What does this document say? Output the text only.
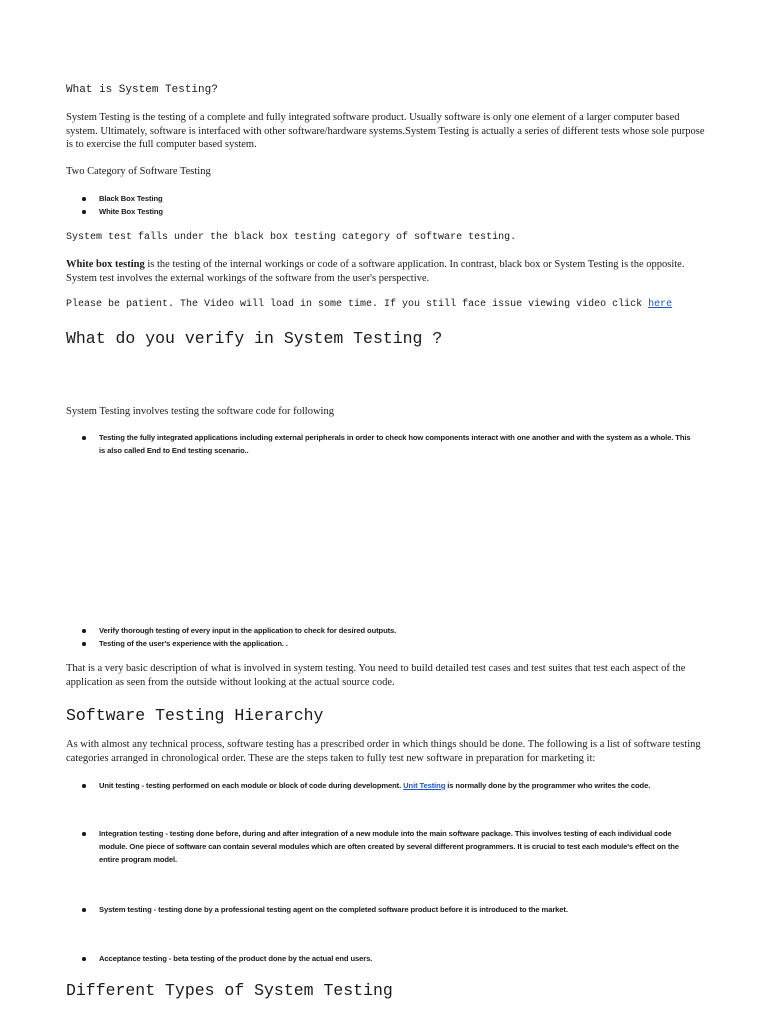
What is System Testing?
System Testing is the testing of a complete and fully integrated software product. Usually software is only one element of a larger computer based system. Ultimately, software is interfaced with other software/hardware systems.System Testing is actually a series of different tests whose sole purpose is to exercise the full computer based system.
Two Category of Software Testing
Black Box Testing
White Box Testing
System test falls under the black box testing category of software testing.
White box testing is the testing of the internal workings or code of a software application. In contrast, black box or System Testing is the opposite. System test involves the external workings of the software from the user's perspective.
Please be patient. The Video will load in some time. If you still face issue viewing video click here
What do you verify in System Testing ?
System Testing involves testing the software code for following
Testing the fully integrated applications including external peripherals in order to check how components interact with one another and with the system as a whole. This is also called End to End testing scenario..
Verify thorough testing of every input in the application to check for desired outputs.
Testing of the user's experience with the application. .
That is a very basic description of what is involved in system testing. You need to build detailed test cases and test suites that test each aspect of the application as seen from the outside without looking at the actual source code.
Software Testing Hierarchy
As with almost any technical process, software testing has a prescribed order in which things should be done. The following is a list of software testing categories arranged in chronological order. These are the steps taken to fully test new software in preparation for marketing it:
Unit testing - testing performed on each module or block of code during development. Unit Testing is normally done by the programmer who writes the code.
Integration testing - testing done before, during and after integration of a new module into the main software package. This involves testing of each individual code module. One piece of software can contain several modules which are often created by several different programmers. It is crucial to test each module's effect on the entire program model.
System testing - testing done by a professional testing agent on the completed software product before it is introduced to the market.
Acceptance testing - beta testing of the product done by the actual end users.
Different Types of System Testing
